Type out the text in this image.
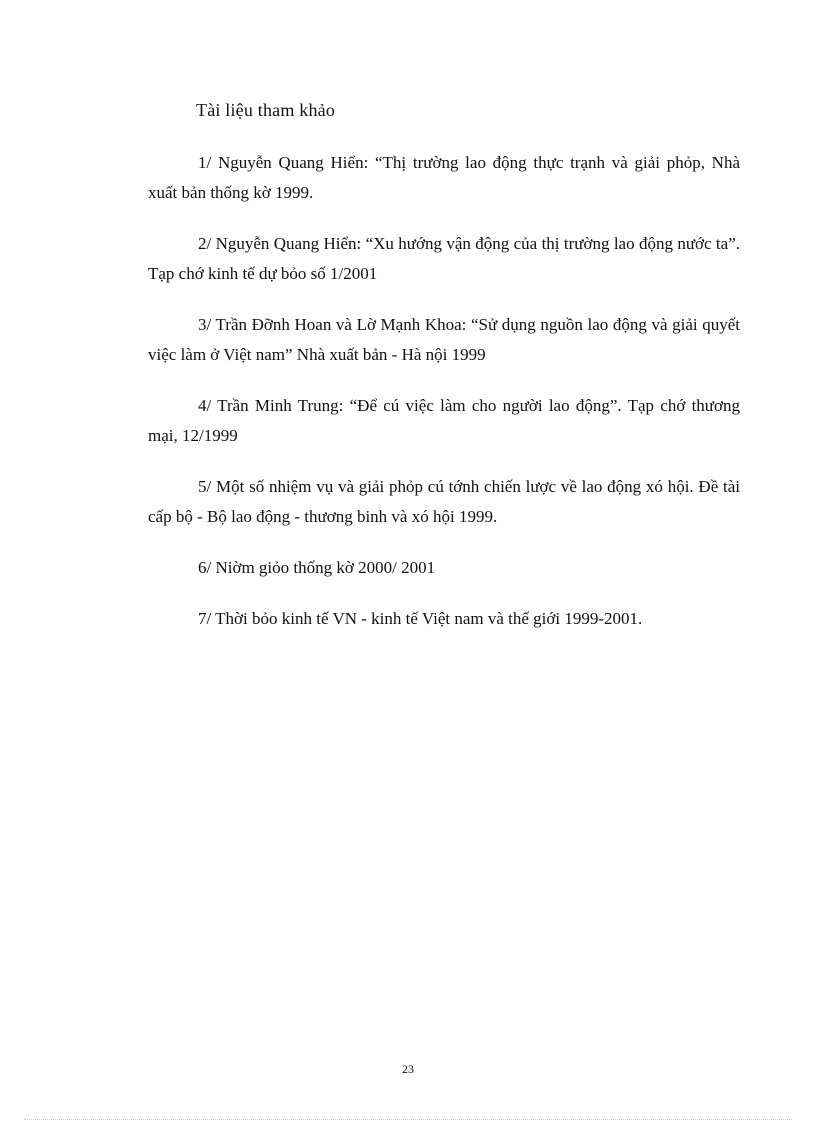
Tài liệu tham khảo

1/ Nguyễn Quang Hiển: “Thị trường lao động thực trạnh và giải phỏp, Nhà xuất bản thống kờ 1999.

2/ Nguyễn Quang Hiển: “Xu hướng vận động của thị trường lao động nước ta”. Tạp chớ kinh tế dự bỏo số 1/2001

3/ Trần Đỡnh Hoan và Lờ Mạnh Khoa: “Sử dụng nguồn lao động và giải quyết việc làm ở Việt nam” Nhà xuất bản - Hà nội 1999

4/ Trần Minh Trung: “Để cú việc làm cho người lao động”. Tạp chớ thương mại, 12/1999

5/ Một số nhiệm vụ và giải phỏp cú tớnh chiến lược về lao động xó hội. Đề tài cấp bộ - Bộ lao động - thương binh và xó hội 1999.

6/ Niờm giỏo thống kờ 2000/ 2001

7/ Thời bỏo kinh tế VN - kinh tế Việt nam và thế giới 1999-2001.

23
